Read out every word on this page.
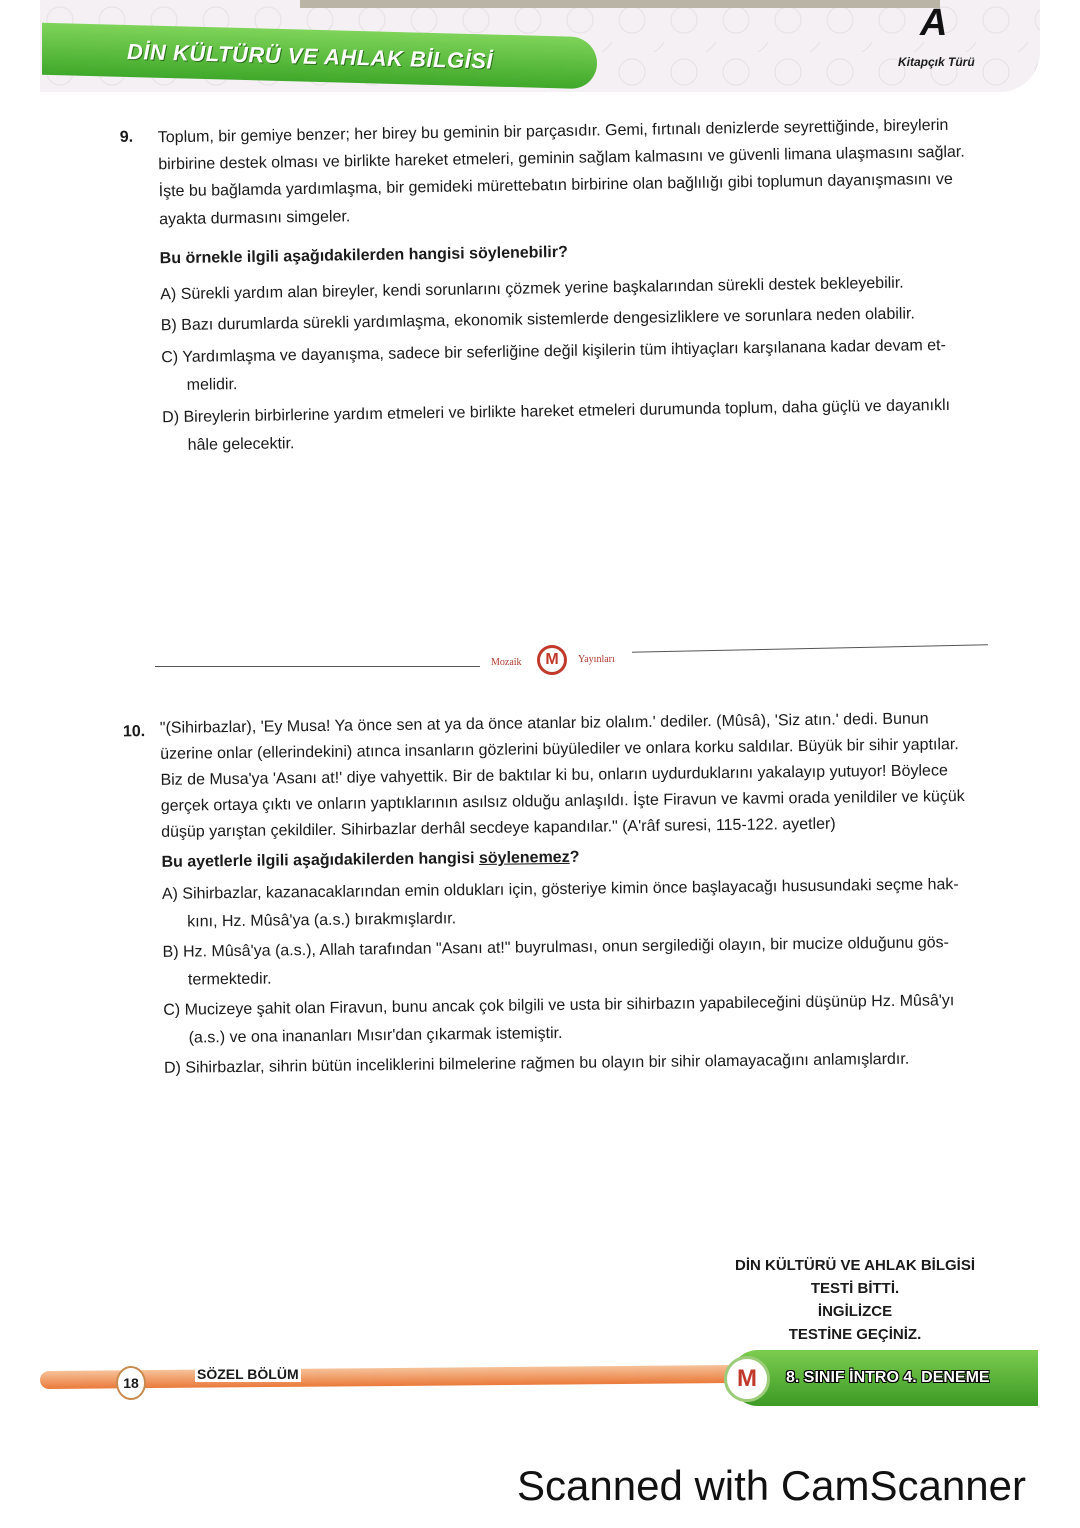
DİN KÜLTÜRÜ VE AHLAK BİLGİSİ
A
Kitapçık Türü
9. Toplum, bir gemiye benzer; her birey bu geminin bir parçasıdır. Gemi, fırtınalı denizlerde seyrettiğinde, bireylerin
birbirine destek olması ve birlikte hareket etmeleri, geminin sağlam kalmasını ve güvenli limana ulaşmasını sağlar.
İşte bu bağlamda yardımlaşma, bir gemideki mürettebatın birbirine olan bağlılığı gibi toplumun dayanışmasını ve
ayakta durmasını simgeler.
Bu örnekle ilgili aşağıdakilerden hangisi söylenebilir?
A) Sürekli yardım alan bireyler, kendi sorunlarını çözmek yerine başkalarından sürekli destek bekleyebilir.
B) Bazı durumlarda sürekli yardımlaşma, ekonomik sistemlerde dengesizliklere ve sorunlara neden olabilir.
C) Yardımlaşma ve dayanışma, sadece bir seferliğine değil kişilerin tüm ihtiyaçları karşılanana kadar devam et-
melidir.
D) Bireylerin birbirlerine yardım etmeleri ve birlikte hareket etmeleri durumunda toplum, daha güçlü ve dayanıklı
hâle gelecektir.
Mozaik	M	Yayınları
10. "(Sihirbazlar), 'Ey Musa! Ya önce sen at ya da önce atanlar biz olalım.' dediler. (Mûsâ), 'Siz atın.' dedi. Bunun
üzerine onlar (ellerindekini) atınca insanların gözlerini büyülediler ve onlara korku saldılar. Büyük bir sihir yaptılar.
Biz de Musa'ya 'Asanı at!' diye vahyettik. Bir de baktılar ki bu, onların uydurduklarını yakalayıp yutuyor! Böylece
gerçek ortaya çıktı ve onların yaptıklarının asılsız olduğu anlaşıldı. İşte Firavun ve kavmi orada yenildiler ve küçük
düşüp yarıştan çekildiler. Sihirbazlar derhâl secdeye kapandılar." (A'râf suresi, 115-122. ayetler)
Bu ayetlerle ilgili aşağıdakilerden hangisi söylenemez?
A) Sihirbazlar, kazanacaklarından emin oldukları için, gösteriye kimin önce başlayacağı hususundaki seçme hak-
kını, Hz. Mûsâ'ya (a.s.) bırakmışlardır.
B) Hz. Mûsâ'ya (a.s.), Allah tarafından "Asanı at!" buyrulması, onun sergilediği olayın, bir mucize olduğunu gös-
termektedir.
C) Mucizeye şahit olan Firavun, bunu ancak çok bilgili ve usta bir sihirbazın yapabileceğini düşünüp Hz. Mûsâ'yı
(a.s.) ve ona inananları Mısır'dan çıkarmak istemiştir.
D) Sihirbazlar, sihrin bütün inceliklerini bilmelerine rağmen bu olayın bir sihir olamayacağını anlamışlardır.
DİN KÜLTÜRÜ VE AHLAK BİLGİSİ
TESTİ BİTTİ.
İNGİLİZCE
TESTİNE GEÇİNİZ.
18
SÖZEL BÖLÜM	M	8. SINIF İNTRO 4. DENEME
Scanned with CamScanner
